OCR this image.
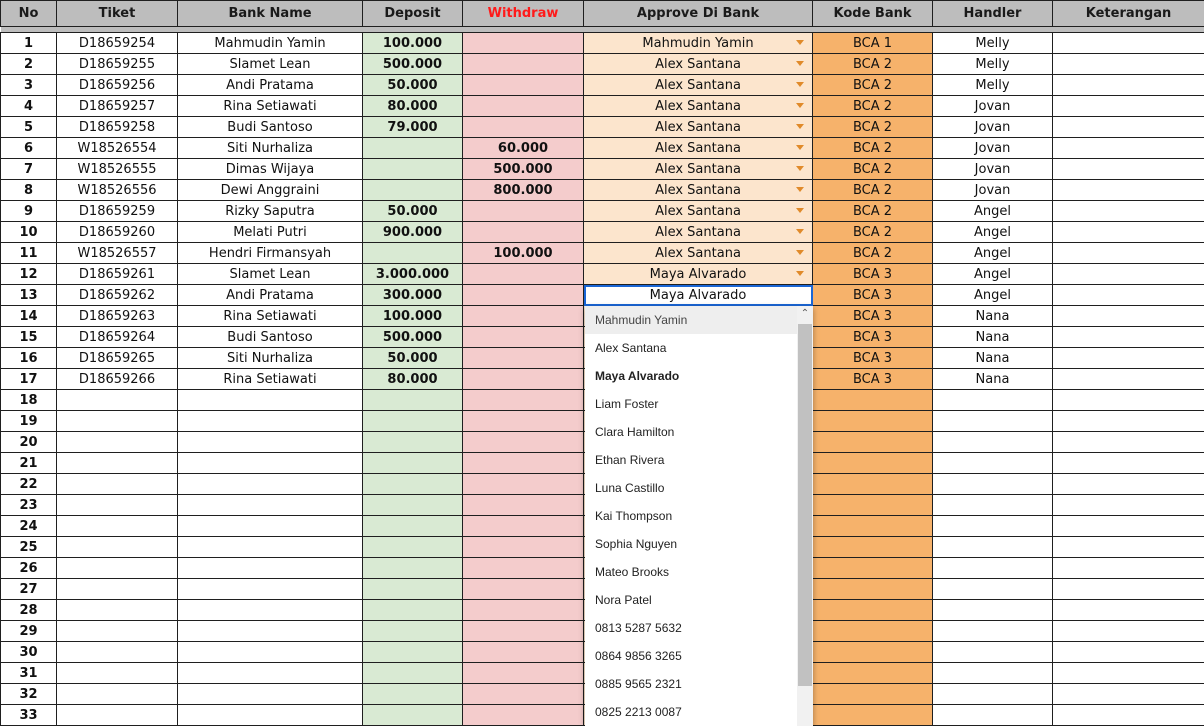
No	Tiket	Bank Name	Deposit	Withdraw	Approve Di Bank	Kode Bank	Handler	Keterangan

1	D18659254	Mahmudin Yamin	100.000		Mahmudin Yamin	BCA 1	Melly	
2	D18659255	Slamet Lean	500.000		Alex Santana	BCA 2	Melly	
3	D18659256	Andi Pratama	50.000		Alex Santana	BCA 2	Melly	
4	D18659257	Rina Setiawati	80.000		Alex Santana	BCA 2	Jovan	
5	D18659258	Budi Santoso	79.000		Alex Santana	BCA 2	Jovan	
6	W18526554	Siti Nurhaliza		60.000	Alex Santana	BCA 2	Jovan	
7	W18526555	Dimas Wijaya		500.000	Alex Santana	BCA 2	Jovan	
8	W18526556	Dewi Anggraini		800.000	Alex Santana	BCA 2	Jovan	
9	D18659259	Rizky Saputra	50.000		Alex Santana	BCA 2	Angel	
10	D18659260	Melati Putri	900.000		Alex Santana	BCA 2	Angel	
11	W18526557	Hendri Firmansyah		100.000	Alex Santana	BCA 2	Angel	
12	D18659261	Slamet Lean	3.000.000		Maya Alvarado	BCA 3	Angel	
13	D18659262	Andi Pratama	300.000		Maya Alvarado	BCA 3	Angel	
14	D18659263	Rina Setiawati	100.000			BCA 3	Nana	
15	D18659264	Budi Santoso	500.000			BCA 3	Nana	
16	D18659265	Siti Nurhaliza	50.000			BCA 3	Nana	
17	D18659266	Rina Setiawati	80.000			BCA 3	Nana	
18								
19								
20								
21								
22								
23								
24								
25								
26								
27								
28								
29								
30								
31								
32								
33								
Mahmudin Yamin
Alex Santana
Maya Alvarado
Liam Foster
Clara Hamilton
Ethan Rivera
Luna Castillo
Kai Thompson
Sophia Nguyen
Mateo Brooks
Nora Patel
0813 5287 5632
0864 9856 3265
0885 9565 2321
0825 2213 0087
⌃
